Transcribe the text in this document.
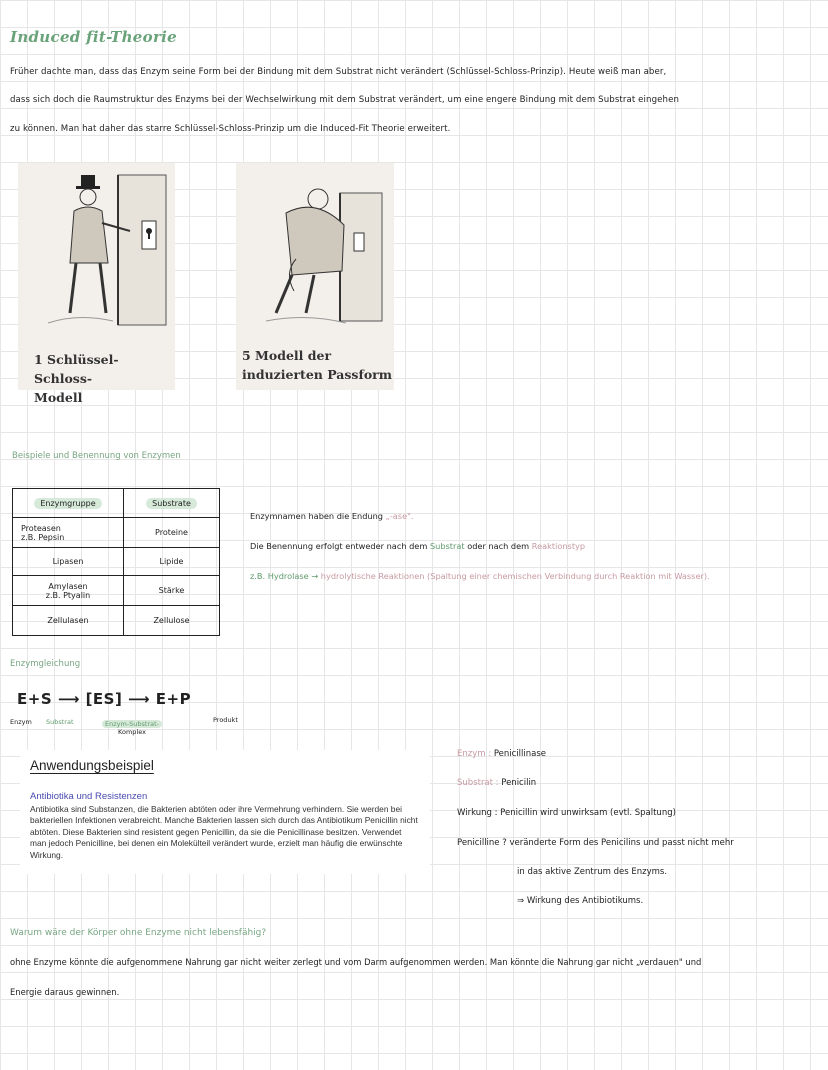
Induced fit-Theorie
Früher dachte man, dass das Enzym seine Form bei der Bindung mit dem Substrat nicht verändert (Schlüssel-Schloss-Prinzip). Heute weiß man aber,
dass sich doch die Raumstruktur des Enzyms bei der Wechselwirkung mit dem Substrat verändert, um eine engere Bindung mit dem Substrat eingehen
zu können. Man hat daher das starre Schlüssel-Schloss-Prinzip um die Induced-Fit Theorie erweitert.
1 Schlüssel-Schloss-
Modell
5 Modell der
induzierten Passform
Beispiele und Benennung von Enzymen
Enzymgruppe	Substrate

Proteasen
z.B. Pepsin	Proteine
Lipasen	Lipide

Amylasen
z.B. Ptyalin	Stärke
Zellulasen	Zellulose
Enzymnamen haben die Endung „-ase".
Die Benennung erfolgt entweder nach dem Substrat oder nach dem Reaktionstyp
z.B. Hydrolase → hydrolytische Reaktionen (Spaltung einer chemischen Verbindung durch Reaktion mit Wasser).
Enzymgleichung
E+S ⟶ [ES] ⟶ E+P
Enzym Substrat	Enzym-Substrat-
Komplex
Produkt
Anwendungsbeispiel
Antibiotika und Resistenzen
Antibiotika sind Substanzen, die Bakterien abtöten oder ihre Vermehrung verhindern. Sie werden bei bakteriellen Infektionen verabreicht. Manche Bakterien lassen sich durch das Antibiotikum Penicillin nicht abtöten. Diese Bakterien sind resistent gegen Penicillin, da sie die Penicillinase besitzen. Verwendet man jedoch Penicilline, bei denen ein Molekülteil verändert wurde, erzielt man häufig die erwünschte Wirkung.
Enzym : Penicillinase
Substrat : Penicilin
Wirkung : Penicillin wird unwirksam (evtl. Spaltung)
Penicilline ? veränderte Form des Penicilins und passt nicht mehr
in das aktive Zentrum des Enzyms.
⇒ Wirkung des Antibiotikums.
Warum wäre der Körper ohne Enzyme nicht lebensfähig?
ohne Enzyme könnte die aufgenommene Nahrung gar nicht weiter zerlegt und vom Darm aufgenommen werden. Man könnte die Nahrung gar nicht „verdauen" und
Energie daraus gewinnen.
